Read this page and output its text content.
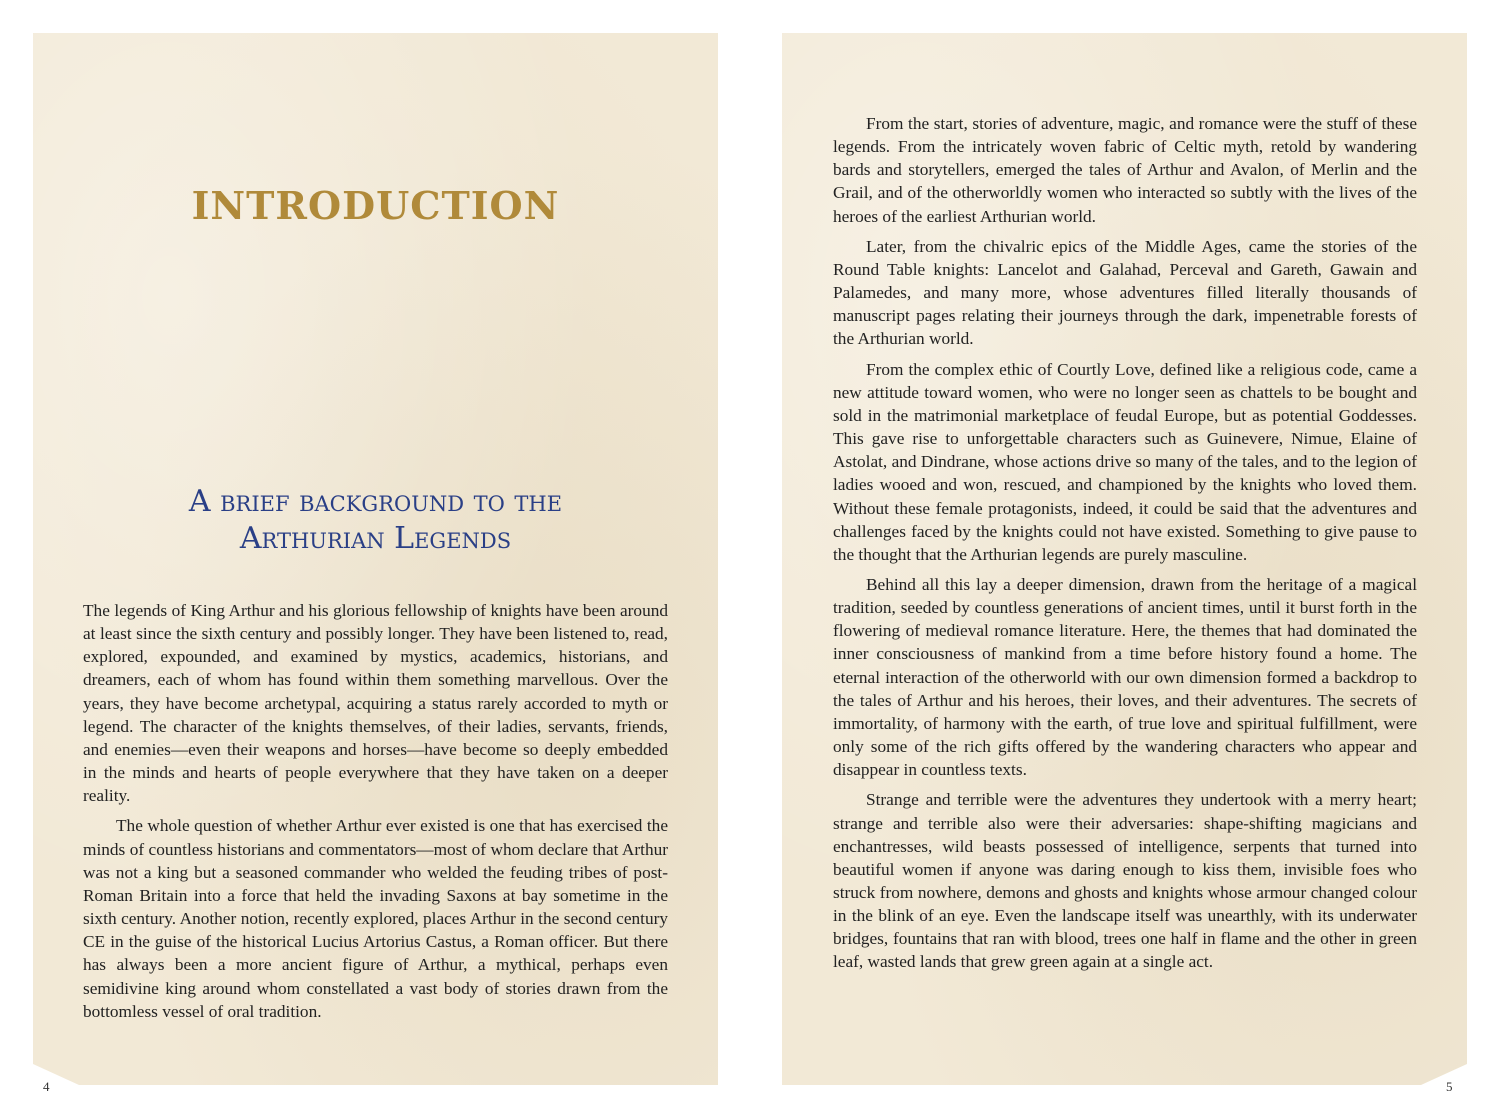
INTRODUCTION
A brief background to the
Arthurian Legends

The legends of King Arthur and his glorious fellowship of knights have been around at least since the sixth century and possibly longer. They have been listened to, read, explored, expounded, and examined by mystics, academics, historians, and dreamers, each of whom has found within them something marvellous. Over the years, they have become archetypal, acquiring a status rarely accorded to myth or legend. The character of the knights themselves, of their ladies, servants, friends, and enemies—even their weapons and horses—have become so deeply embedded in the minds and hearts of people everywhere that they have taken on a deeper reality.

The whole question of whether Arthur ever existed is one that has exercised the minds of countless historians and commentators—most of whom declare that Arthur was not a king but a seasoned commander who welded the feuding tribes of post-Roman Britain into a force that held the invading Saxons at bay sometime in the sixth century. Another notion, recently explored, places Arthur in the second century CE in the guise of the historical Lucius Artorius Castus, a Roman officer. But there has always been a more ancient figure of Arthur, a mythical, perhaps even semidivine king around whom constellated a vast body of stories drawn from the bottomless vessel of oral tradition.

From the start, stories of adventure, magic, and romance were the stuff of these legends. From the intricately woven fabric of Celtic myth, retold by wandering bards and storytellers, emerged the tales of Arthur and Avalon, of Merlin and the Grail, and of the otherworldly women who interacted so subtly with the lives of the heroes of the earliest Arthurian world.

Later, from the chivalric epics of the Middle Ages, came the stories of the Round Table knights: Lancelot and Galahad, Perceval and Gareth, Gawain and Palamedes, and many more, whose adventures filled literally thousands of manuscript pages relating their journeys through the dark, impenetrable forests of the Arthurian world.

From the complex ethic of Courtly Love, defined like a religious code, came a new attitude toward women, who were no longer seen as chattels to be bought and sold in the matrimonial marketplace of feudal Europe, but as potential Goddesses. This gave rise to unforgettable characters such as Guinevere, Nimue, Elaine of Astolat, and Dindrane, whose actions drive so many of the tales, and to the legion of ladies wooed and won, rescued, and championed by the knights who loved them. Without these female protagonists, indeed, it could be said that the adventures and challenges faced by the knights could not have existed. Something to give pause to the thought that the Arthurian legends are purely masculine.

Behind all this lay a deeper dimension, drawn from the heritage of a magical tradition, seeded by countless generations of ancient times, until it burst forth in the flowering of medieval romance literature. Here, the themes that had dominated the inner consciousness of mankind from a time before history found a home. The eternal interaction of the otherworld with our own dimension formed a backdrop to the tales of Arthur and his heroes, their loves, and their adventures. The secrets of immortality, of harmony with the earth, of true love and spiritual fulfillment, were only some of the rich gifts offered by the wandering characters who appear and disappear in countless texts.

Strange and terrible were the adventures they undertook with a merry heart; strange and terrible also were their adversaries: shape-shifting magicians and enchantresses, wild beasts possessed of intelligence, serpents that turned into beautiful women if anyone was daring enough to kiss them, invisible foes who struck from nowhere, demons and ghosts and knights whose armour changed colour in the blink of an eye. Even the landscape itself was unearthly, with its underwater bridges, fountains that ran with blood, trees one half in flame and the other in green leaf, wasted lands that grew green again at a single act.

4	5
